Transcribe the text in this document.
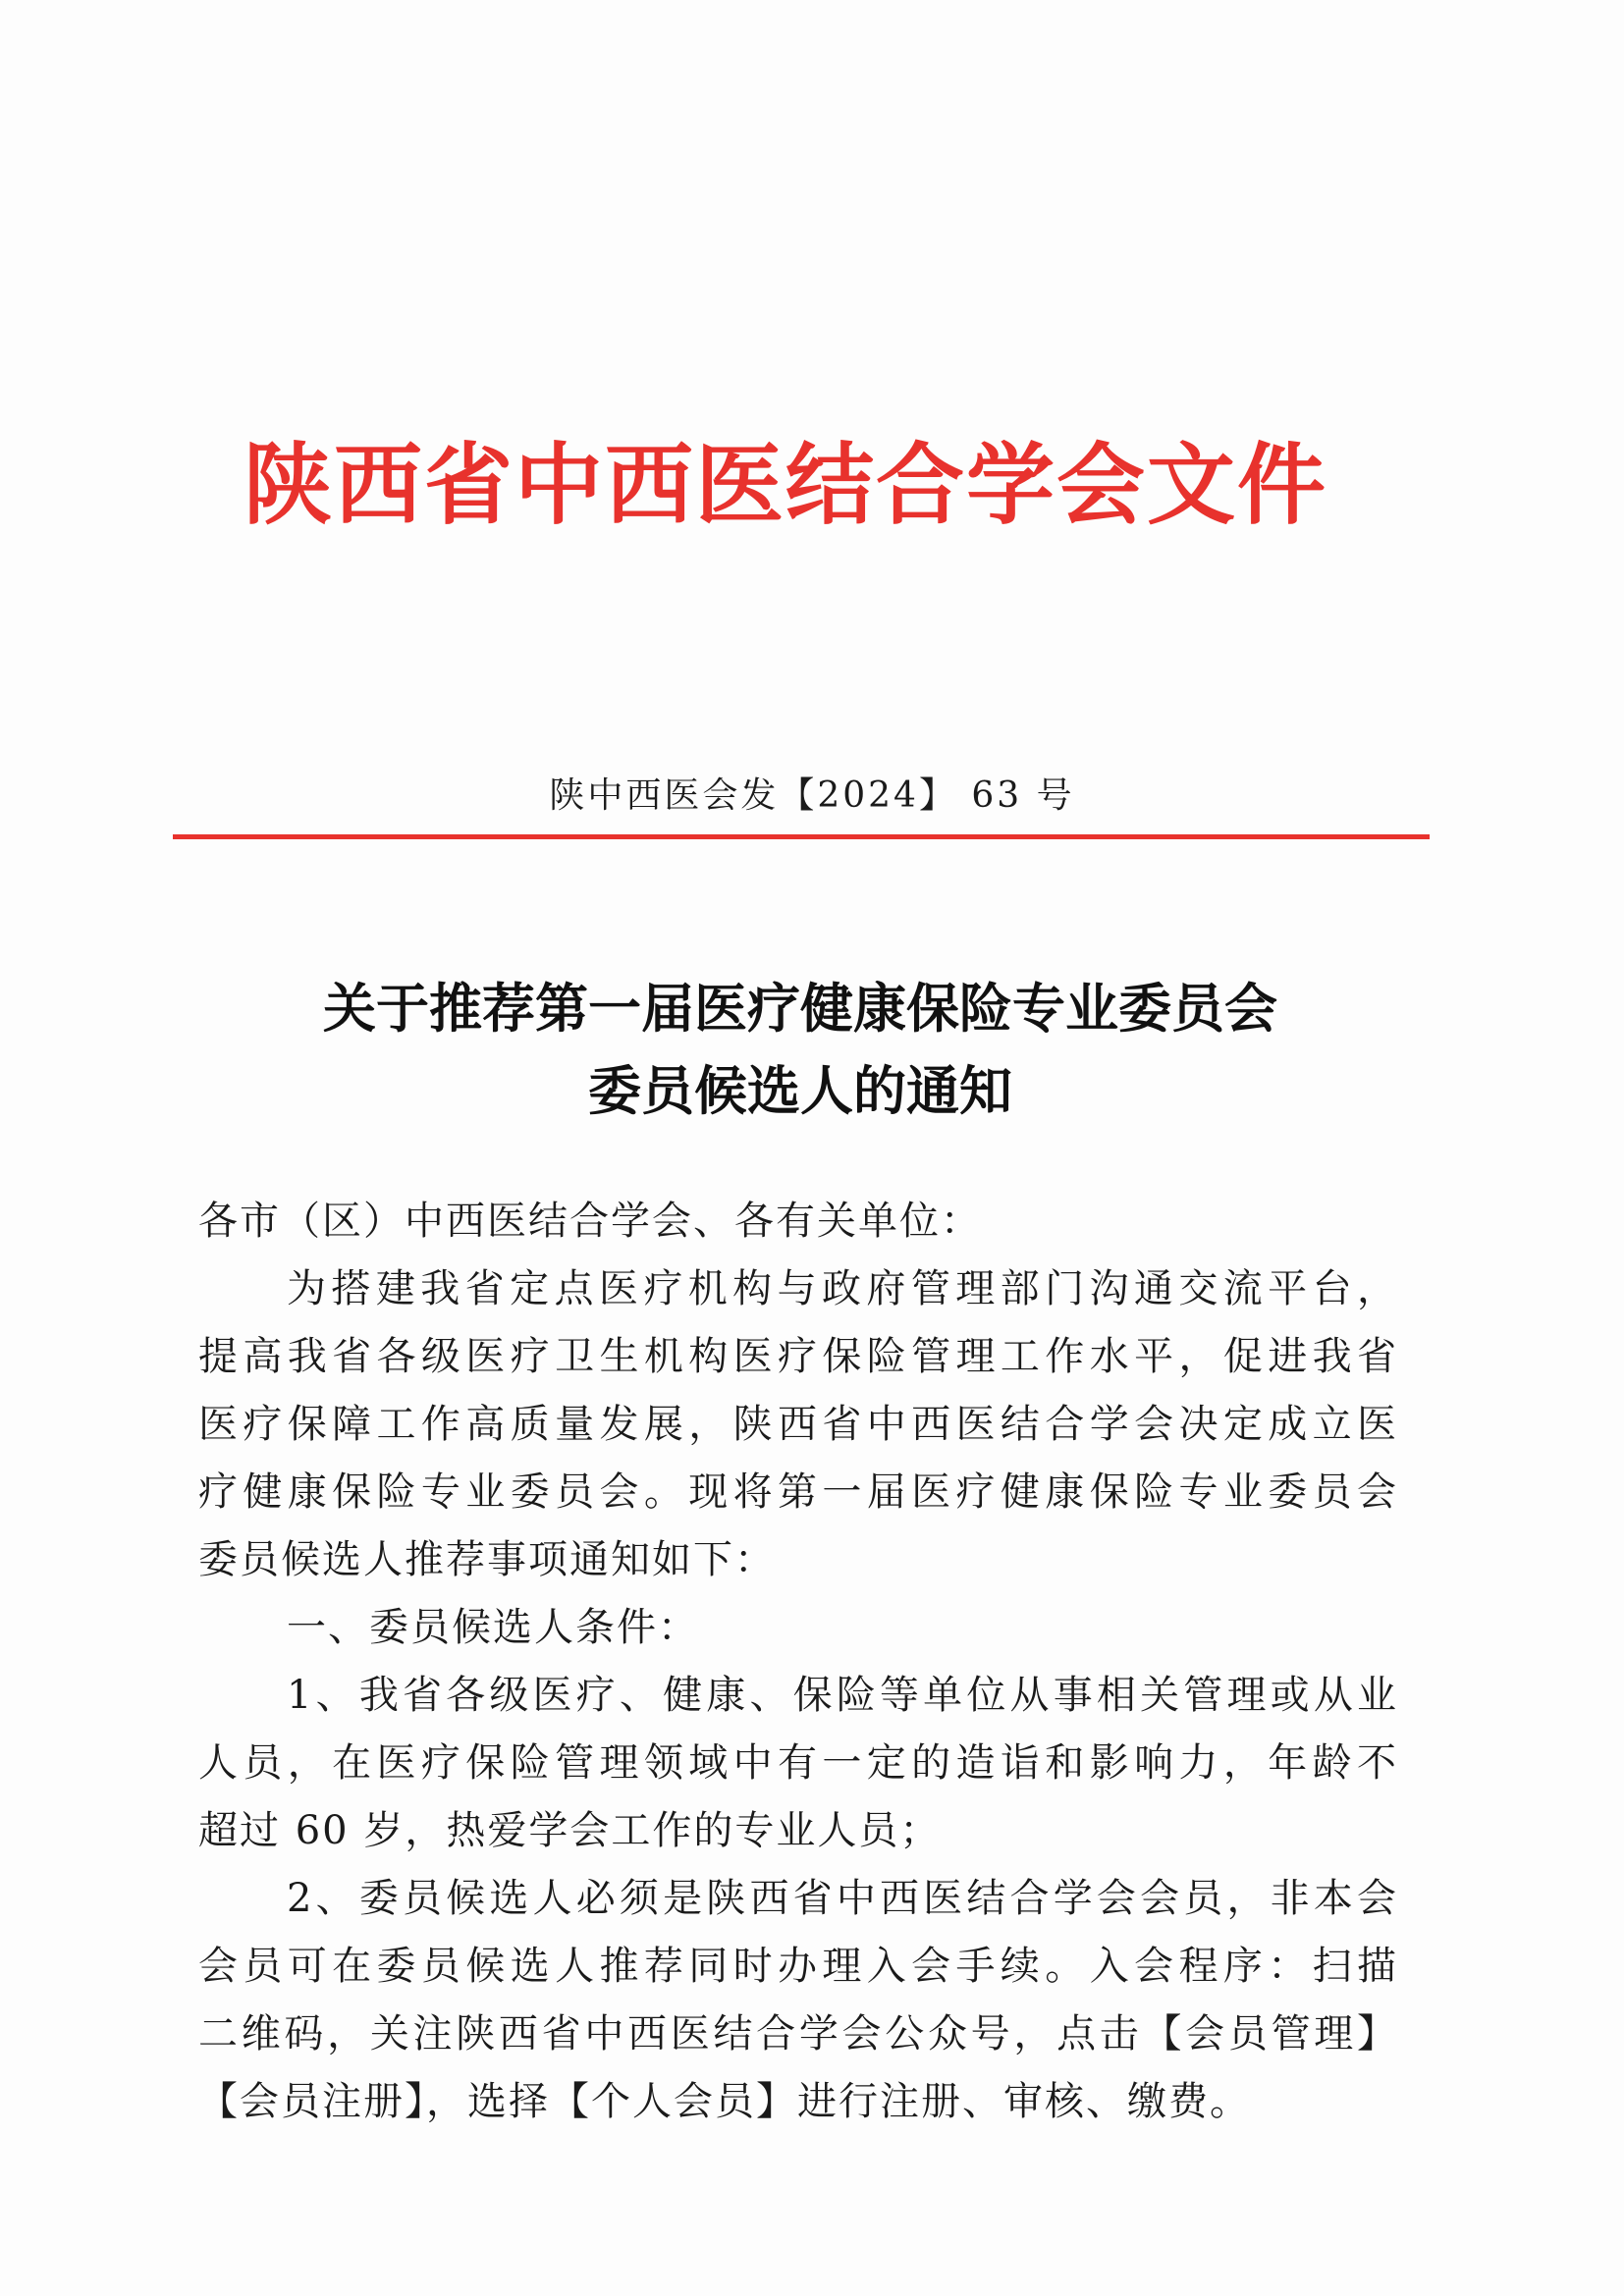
陕西省中西医结合学会文件
陕中西医会发【2024】 63 号
关于推荐第一届医疗健康保险专业委员会
委员候选人的通知
各市（区）中西医结合学会、各有关单位：
为搭建我省定点医疗机构与政府管理部门沟通交流平台，
提高我省各级医疗卫生机构医疗保险管理工作水平，促进我省
医疗保障工作高质量发展，陕西省中西医结合学会决定成立医
疗健康保险专业委员会。现将第一届医疗健康保险专业委员会
委员候选人推荐事项通知如下：
一、委员候选人条件：
1、我省各级医疗、健康、保险等单位从事相关管理或从业
人员，在医疗保险管理领域中有一定的造诣和影响力，年龄不
超过 60 岁，热爱学会工作的专业人员；
2、委员候选人必须是陕西省中西医结合学会会员，非本会
会员可在委员候选人推荐同时办理入会手续。入会程序：扫描
二维码，关注陕西省中西医结合学会公众号，点击【会员管理】
【会员注册】，选择【个人会员】进行注册、审核、缴费。
